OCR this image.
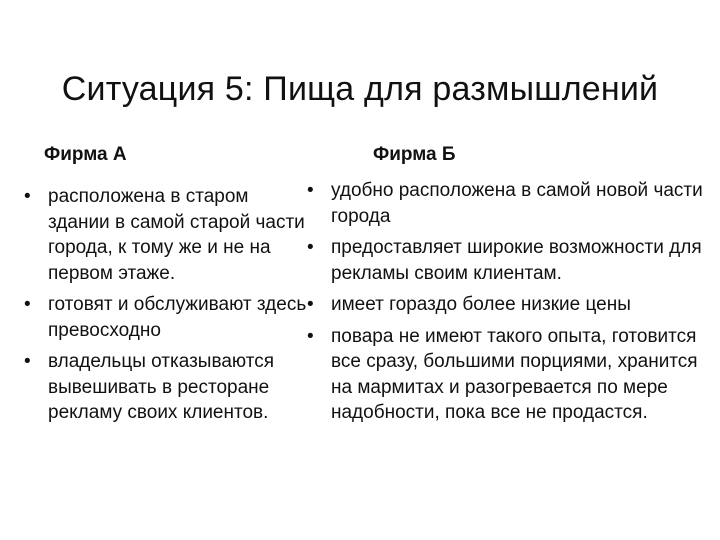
Ситуация 5: Пища для размышлений
Фирма А	Фирма Б
• расположена в старом здании в самой старой части города, к тому же и не на первом этаже.
• готовят и обслуживают здесь превосходно
• владельцы отказываются вывешивать в ресторане рекламу своих клиентов.
• удобно расположена в самой новой части города
• предоставляет широкие возможности для рекламы своим клиентам.
• имеет гораздо более низкие цены
• повара не имеют такого опыта, готовится все сразу, большими порциями, хранится на мармитах и разогревается по мере надобности, пока все не продастся.
